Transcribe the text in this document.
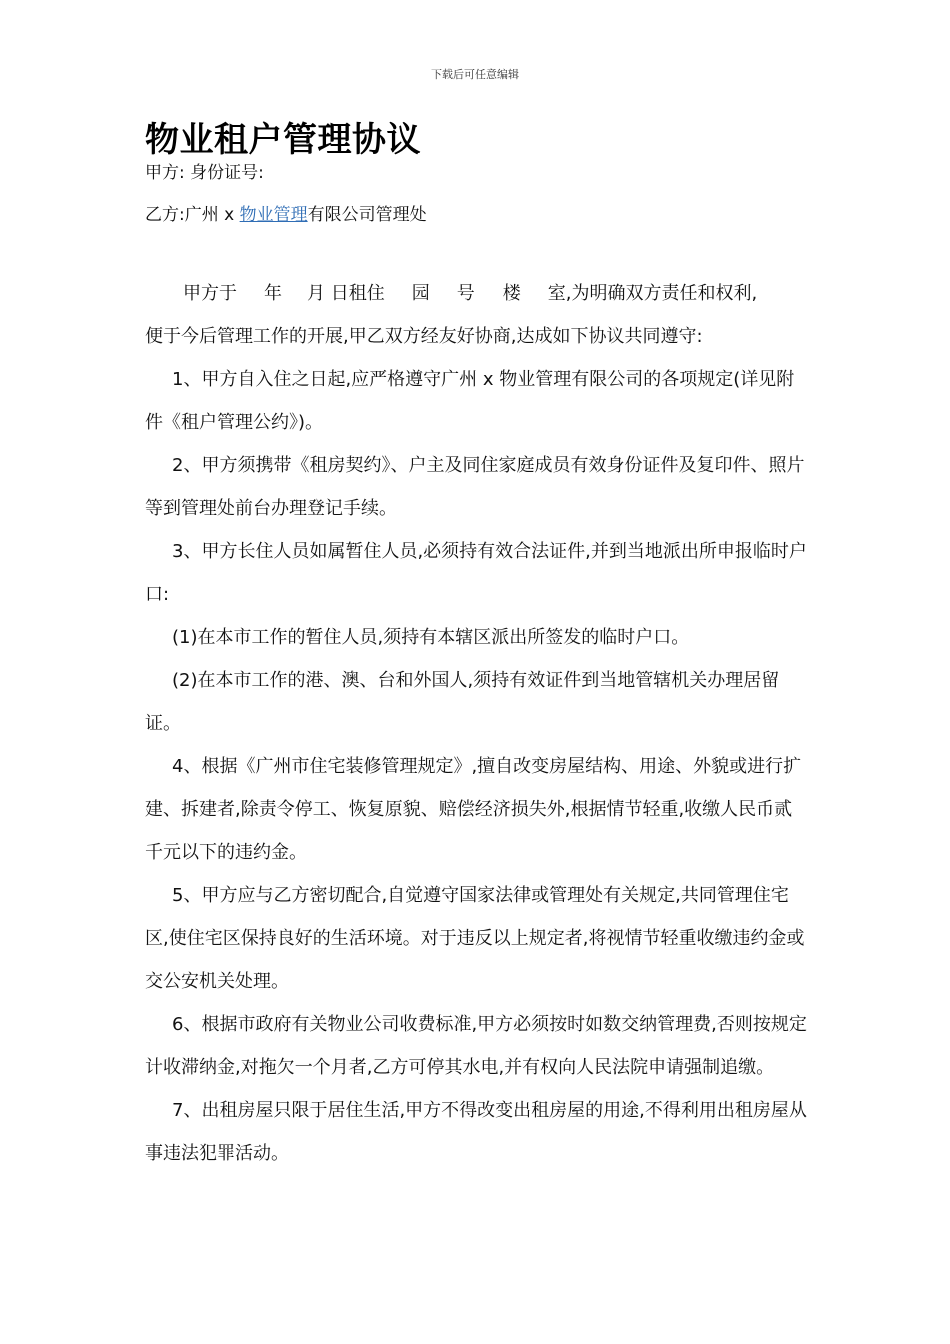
下载后可任意编辑
物业租户管理协议
甲方: 身份证号:
乙方:广州 x 物业管理有限公司管理处

甲方于 年 月 日租住 园 号 楼 室,为明确双方责任和权利,

便于今后管理工作的开展,甲乙双方经友好协商,达成如下协议共同遵守:

1、甲方自入住之日起,应严格遵守广州 x 物业管理有限公司的各项规定(详见附件《租户管理公约》)。

2、甲方须携带《租房契约》、户主及同住家庭成员有效身份证件及复印件、照片等到管理处前台办理登记手续。

3、甲方长住人员如属暂住人员,必须持有效合法证件,并到当地派出所申报临时户口:

(1)在本市工作的暂住人员,须持有本辖区派出所签发的临时户口。

(2)在本市工作的港、澳、台和外国人,须持有效证件到当地管辖机关办理居留证。

4、根据《广州市住宅装修管理规定》,擅自改变房屋结构、用途、外貌或进行扩建、拆建者,除责令停工、恢复原貌、赔偿经济损失外,根据情节轻重,收缴人民币贰千元以下的违约金。

5、甲方应与乙方密切配合,自觉遵守国家法律或管理处有关规定,共同管理住宅区,使住宅区保持良好的生活环境。对于违反以上规定者,将视情节轻重收缴违约金或交公安机关处理。

6、根据市政府有关物业公司收费标准,甲方必须按时如数交纳管理费,否则按规定计收滞纳金,对拖欠一个月者,乙方可停其水电,并有权向人民法院申请强制追缴。

7、出租房屋只限于居住生活,甲方不得改变出租房屋的用途,不得利用出租房屋从事违法犯罪活动。
